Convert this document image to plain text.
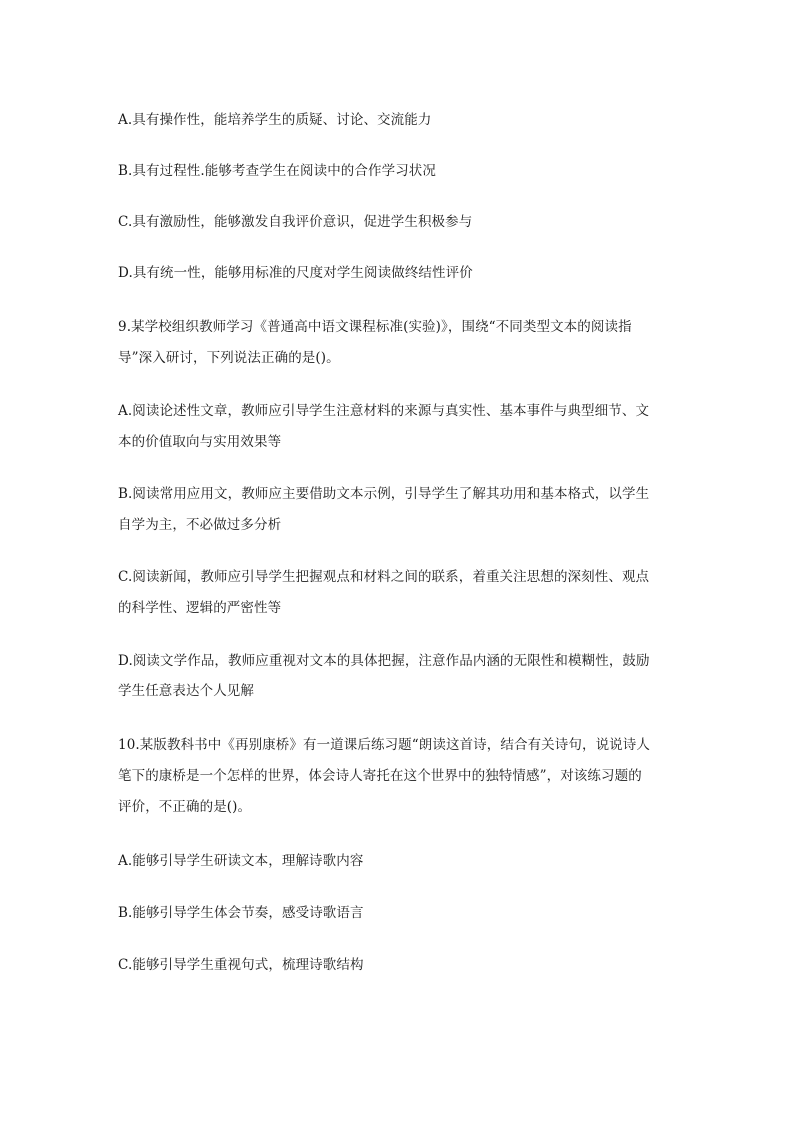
A.具有操作性，能培养学生的质疑、讨论、交流能力
B.具有过程性.能够考查学生在阅读中的合作学习状况
C.具有激励性，能够激发自我评价意识，促进学生积极参与
D.具有统一性，能够用标准的尺度对学生阅读做终结性评价
9.某学校组织教师学习《普通高中语文课程标准(实验)》，围绕“不同类型文本的阅读指
导”深入研讨，下列说法正确的是()。
A.阅读论述性文章，教师应引导学生注意材料的来源与真实性、基本事件与典型细节、文
本的价值取向与实用效果等
B.阅读常用应用文，教师应主要借助文本示例，引导学生了解其功用和基本格式，以学生
自学为主，不必做过多分析
C.阅读新闻，教师应引导学生把握观点和材料之间的联系，着重关注思想的深刻性、观点
的科学性、逻辑的严密性等
D.阅读文学作品，教师应重视对文本的具体把握，注意作品内涵的无限性和模糊性，鼓励
学生任意表达个人见解
10.某版教科书中《再别康桥》有一道课后练习题“朗读这首诗，结合有关诗句，说说诗人
笔下的康桥是一个怎样的世界，体会诗人寄托在这个世界中的独特情感”，对该练习题的
评价，不正确的是()。
A.能够引导学生研读文本，理解诗歌内容
B.能够引导学生体会节奏，感受诗歌语言
C.能够引导学生重视句式，梳理诗歌结构
